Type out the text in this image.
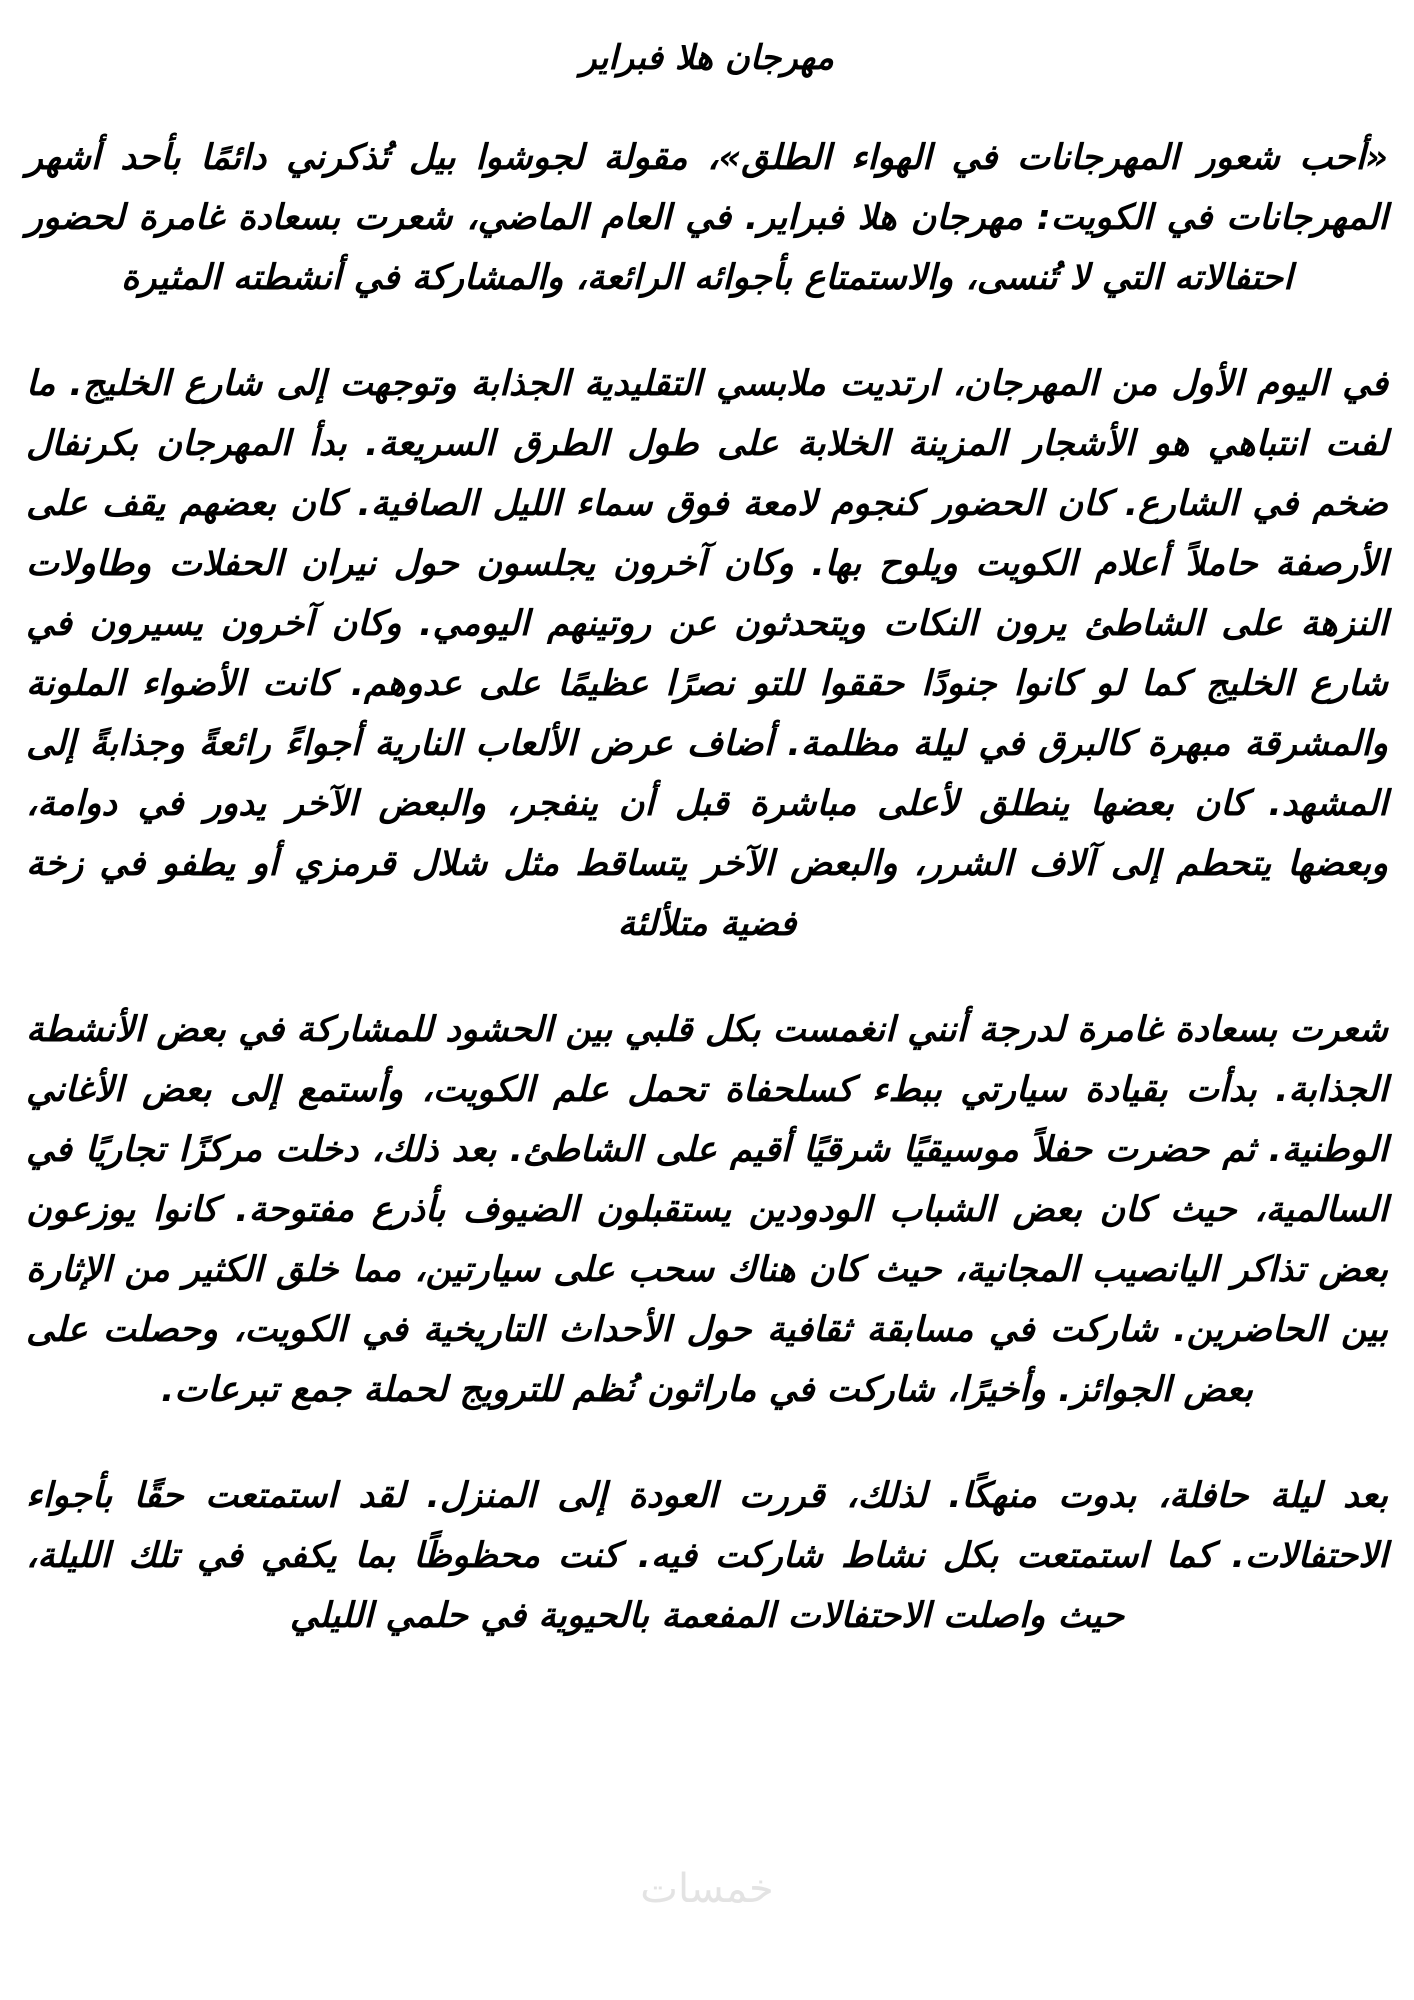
مهرجان هلا فبراير

«أحب شعور المهرجانات في الهواء الطلق»، مقولة لجوشوا بيل تُذكرني دائمًا بأحد أشهر المهرجانات في الكويت: مهرجان هلا فبراير. في العام الماضي، شعرت بسعادة غامرة لحضور احتفالاته التي لا تُنسى، والاستمتاع بأجوائه الرائعة، والمشاركة في أنشطته المثيرة

في اليوم الأول من المهرجان، ارتديت ملابسي التقليدية الجذابة وتوجهت إلى شارع الخليج. ما لفت انتباهي هو الأشجار المزينة الخلابة على طول الطرق السريعة. بدأ المهرجان بكرنفال ضخم في الشارع. كان الحضور كنجوم لامعة فوق سماء الليل الصافية. كان بعضهم يقف على الأرصفة حاملاً أعلام الكويت ويلوح بها. وكان آخرون يجلسون حول نيران الحفلات وطاولات النزهة على الشاطئ يرون النكات ويتحدثون عن روتينهم اليومي. وكان آخرون يسيرون في شارع الخليج كما لو كانوا جنودًا حققوا للتو نصرًا عظيمًا على عدوهم. كانت الأضواء الملونة والمشرقة مبهرة كالبرق في ليلة مظلمة. أضاف عرض الألعاب النارية أجواءً رائعةً وجذابةً إلى المشهد. كان بعضها ينطلق لأعلى مباشرة قبل أن ينفجر، والبعض الآخر يدور في دوامة، وبعضها يتحطم إلى آلاف الشرر، والبعض الآخر يتساقط مثل شلال قرمزي أو يطفو في زخة فضية متلألئة

شعرت بسعادة غامرة لدرجة أنني انغمست بكل قلبي بين الحشود للمشاركة في بعض الأنشطة الجذابة. بدأت بقيادة سيارتي ببطء كسلحفاة تحمل علم الكويت، وأستمع إلى بعض الأغاني الوطنية. ثم حضرت حفلاً موسيقيًا شرقيًا أقيم على الشاطئ. بعد ذلك، دخلت مركزًا تجاريًا في السالمية، حيث كان بعض الشباب الودودين يستقبلون الضيوف بأذرع مفتوحة. كانوا يوزعون بعض تذاكر اليانصيب المجانية، حيث كان هناك سحب على سيارتين، مما خلق الكثير من الإثارة بين الحاضرين. شاركت في مسابقة ثقافية حول الأحداث التاريخية في الكويت، وحصلت على بعض الجوائز. وأخيرًا، شاركت في ماراثون نُظم للترويج لحملة جمع تبرعات.

بعد ليلة حافلة، بدوت منهكًا. لذلك، قررت العودة إلى المنزل. لقد استمتعت حقًا بأجواء الاحتفالات. كما استمتعت بكل نشاط شاركت فيه. كنت محظوظًا بما يكفي في تلك الليلة، حيث واصلت الاحتفالات المفعمة بالحيوية في حلمي الليلي

خمسات
